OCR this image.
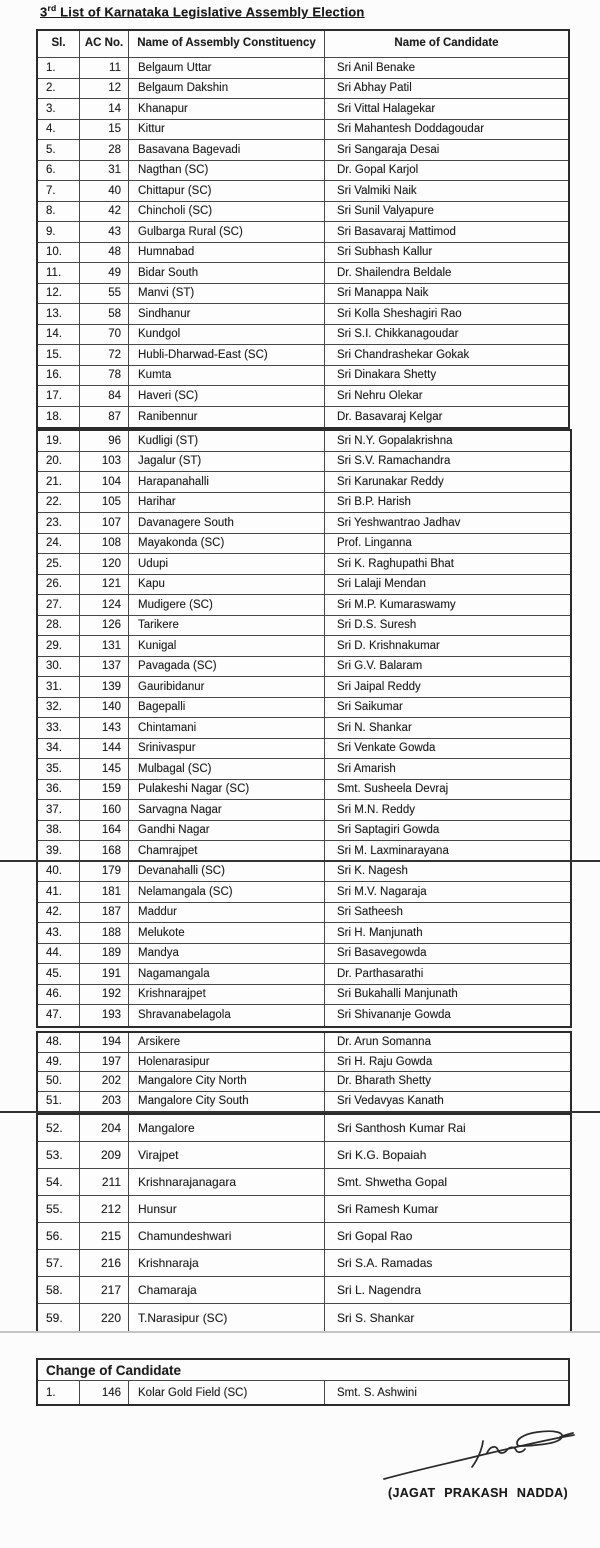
3rd List of Karnataka Legislative Assembly Election
Sl.	AC No.	Name of Assembly Constituency	Name of Candidate
1.	11	Belgaum Uttar	Sri Anil Benake
2.	12	Belgaum Dakshin	Sri Abhay Patil
3.	14	Khanapur	Sri Vittal Halagekar
4.	15	Kittur	Sri Mahantesh Doddagoudar
5.	28	Basavana Bagevadi	Sri Sangaraja Desai
6.	31	Nagthan (SC)	Dr. Gopal Karjol
7.	40	Chittapur (SC)	Sri Valmiki Naik
8.	42	Chincholi (SC)	Sri Sunil Valyapure
9.	43	Gulbarga Rural (SC)	Sri Basavaraj Mattimod
10.	48	Humnabad	Sri Subhash Kallur
11.	49	Bidar South	Dr. Shailendra Beldale
12.	55	Manvi (ST)	Sri Manappa Naik
13.	58	Sindhanur	Sri Kolla Sheshagiri Rao
14.	70	Kundgol	Sri S.I. Chikkanagoudar
15.	72	Hubli-Dharwad-East (SC)	Sri Chandrashekar Gokak
16.	78	Kumta	Sri Dinakara Shetty
17.	84	Haveri (SC)	Sri Nehru Olekar
18.	87	Ranibennur	Dr. Basavaraj Kelgar
19.	96	Kudligi (ST)	Sri N.Y. Gopalakrishna
20.	103	Jagalur (ST)	Sri S.V. Ramachandra
21.	104	Harapanahalli	Sri Karunakar Reddy
22.	105	Harihar	Sri B.P. Harish
23.	107	Davanagere South	Sri Yeshwantrao Jadhav
24.	108	Mayakonda (SC)	Prof. Linganna
25.	120	Udupi	Sri K. Raghupathi Bhat
26.	121	Kapu	Sri Lalaji Mendan
27.	124	Mudigere (SC)	Sri M.P. Kumaraswamy
28.	126	Tarikere	Sri D.S. Suresh
29.	131	Kunigal	Sri D. Krishnakumar
30.	137	Pavagada (SC)	Sri G.V. Balaram
31.	139	Gauribidanur	Sri Jaipal Reddy
32.	140	Bagepalli	Sri Saikumar
33.	143	Chintamani	Sri N. Shankar
34.	144	Srinivaspur	Sri Venkate Gowda
35.	145	Mulbagal (SC)	Sri Amarish
36.	159	Pulakeshi Nagar (SC)	Smt. Susheela Devraj
37.	160	Sarvagna Nagar	Sri M.N. Reddy
38.	164	Gandhi Nagar	Sri Saptagiri Gowda
39.	168	Chamrajpet	Sri M. Laxminarayana
40.	179	Devanahalli (SC)	Sri K. Nagesh
41.	181	Nelamangala (SC)	Sri M.V. Nagaraja
42.	187	Maddur	Sri Satheesh
43.	188	Melukote	Sri H. Manjunath
44.	189	Mandya	Sri Basavegowda
45.	191	Nagamangala	Dr. Parthasarathi
46.	192	Krishnarajpet	Sri Bukahalli Manjunath
47.	193	Shravanabelagola	Sri Shivananje Gowda
48.	194	Arsikere	Dr. Arun Somanna
49.	197	Holenarasipur	Sri H. Raju Gowda
50.	202	Mangalore City North	Dr. Bharath Shetty
51.	203	Mangalore City South	Sri Vedavyas Kanath
52.	204	Mangalore	Sri Santhosh Kumar Rai
53.	209	Virajpet	Sri K.G. Bopaiah
54.	211	Krishnarajanagara	Smt. Shwetha Gopal
55.	212	Hunsur	Sri Ramesh Kumar
56.	215	Chamundeshwari	Sri Gopal Rao
57.	216	Krishnaraja	Sri S.A. Ramadas
58.	217	Chamaraja	Sri L. Nagendra
59.	220	T.Narasipur (SC)	Sri S. Shankar
Change of Candidate
1.	146	Kolar Gold Field (SC)	Smt. S. Ashwini
(JAGAT PRAKASH NADDA)
